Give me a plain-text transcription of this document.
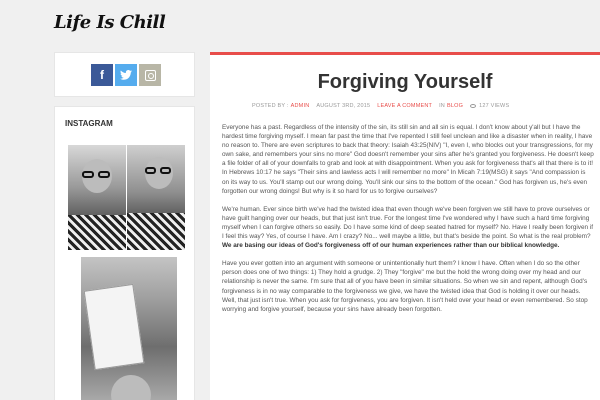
Life Is Chill
f
INSTAGRAM
Forgiving Yourself
POSTED BY : ADMIN AUGUST 3RD, 2015 LEAVE A COMMENT IN BLOG	127 VIEWS

Everyone has a past. Regardless of the intensity of the sin, its still sin and all sin is equal. I don't know about y'all but I have the hardest time forgiving myself. I mean far past the time that I've repented I still feel unclean and like a disaster when in reality, I have no reason to. There are even scriptures to back that theory: Isaiah 43:25(NIV) "I, even I, who blocks out your transgressions, for my own sake, and remembers your sins no more" God doesn't remember your sins after he's granted you forgiveness. He doesn't keep a file folder of all of your downfalls to grab and look at with disappointment. When you ask for forgiveness that's all that there is to it! In Hebrews 10:17 he says "Their sins and lawless acts I will remember no more" In Micah 7:19(MSG) it says "And compassion is on its way to us. You'll stamp out our wrong doing. You'll sink our sins to the bottom of the ocean." God has forgiven us, he's even forgotten our wrong doings! But why is it so hard for us to forgive ourselves?

We're human. Ever since birth we've had the twisted idea that even though we've been forgiven we still have to prove ourselves or have guilt hanging over our heads, but that just isn't true. For the longest time I've wondered why I have such a hard time forgiving myself when I can forgive others so easily. Do I have some kind of deep seated hatred for myself? No. Have I really been forgiven if I feel this way? Yes, of course I have. Am I crazy? No... well maybe a little, but that's beside the point. So what is the real problem? We are basing our ideas of God's forgiveness off of our human experiences rather than our biblical knowledge.

Have you ever gotten into an argument with someone or unintentionally hurt them? I know I have. Often when I do so the other person does one of two things: 1) They hold a grudge. 2) They "forgive" me but the hold the wrong doing over my head and our relationship is never the same. I'm sure that all of you have been in similar situations. So when we sin and repent, although God's forgiveness is in no way comparable to the forgiveness we give, we have the twisted idea that God is holding it over our heads. Well, that just isn't true. When you ask for forgiveness, you are forgiven. It isn't held over your head or even remembered. So stop worrying and forgive yourself, because your sins have already been forgotten.
